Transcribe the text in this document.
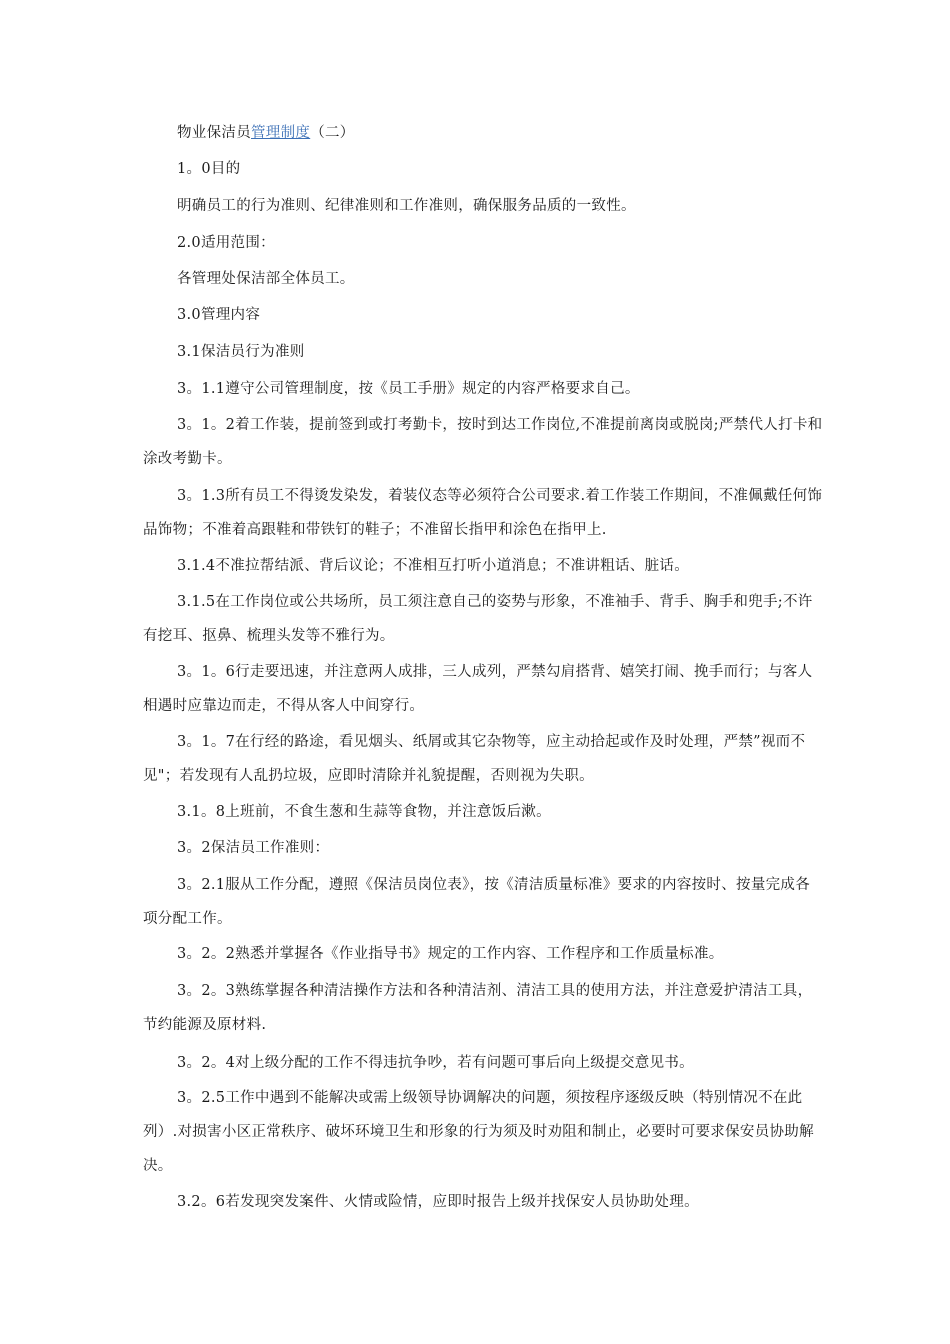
物业保洁员管理制度（二）

1。0目的

明确员工的行为准则、纪律准则和工作准则，确保服务品质的一致性。

2.0适用范围：

各管理处保洁部全体员工。

3.0管理内容

3.1保洁员行为准则

3。1.1遵守公司管理制度，按《员工手册》规定的内容严格要求自己。

3。1。2着工作装，提前签到或打考勤卡，按时到达工作岗位,不准提前离岗或脱岗;严禁代人打卡和涂改考勤卡。

3。1.3所有员工不得烫发染发，着装仪态等必须符合公司要求.着工作装工作期间，不准佩戴任何饰品饰物；不准着高跟鞋和带铁钉的鞋子；不准留长指甲和涂色在指甲上.

3.1.4不准拉帮结派、背后议论；不准相互打听小道消息；不准讲粗话、脏话。

3.1.5在工作岗位或公共场所，员工须注意自己的姿势与形象，不准袖手、背手、胸手和兜手;不许有挖耳、抠鼻、梳理头发等不雅行为。

3。1。6行走要迅速，并注意两人成排，三人成列，严禁勾肩搭背、嬉笑打闹、挽手而行；与客人相遇时应靠边而走，不得从客人中间穿行。

3。1。7在行经的路途，看见烟头、纸屑或其它杂物等，应主动拾起或作及时处理，严禁”视而不见"；若发现有人乱扔垃圾，应即时清除并礼貌提醒，否则视为失职。

3.1。8上班前，不食生葱和生蒜等食物，并注意饭后漱。

3。2保洁员工作准则：

3。2.1服从工作分配，遵照《保洁员岗位表》，按《清洁质量标准》要求的内容按时、按量完成各项分配工作。

3。2。2熟悉并掌握各《作业指导书》规定的工作内容、工作程序和工作质量标准。

3。2。3熟练掌握各种清洁操作方法和各种清洁剂、清洁工具的使用方法，并注意爱护清洁工具，节约能源及原材料.

3。2。4对上级分配的工作不得违抗争吵，若有问题可事后向上级提交意见书。

3。2.5工作中遇到不能解决或需上级领导协调解决的问题，须按程序逐级反映（特别情况不在此列）.对损害小区正常秩序、破坏环境卫生和形象的行为须及时劝阻和制止，必要时可要求保安员协助解决。

3.2。6若发现突发案件、火情或险情，应即时报告上级并找保安人员协助处理。
